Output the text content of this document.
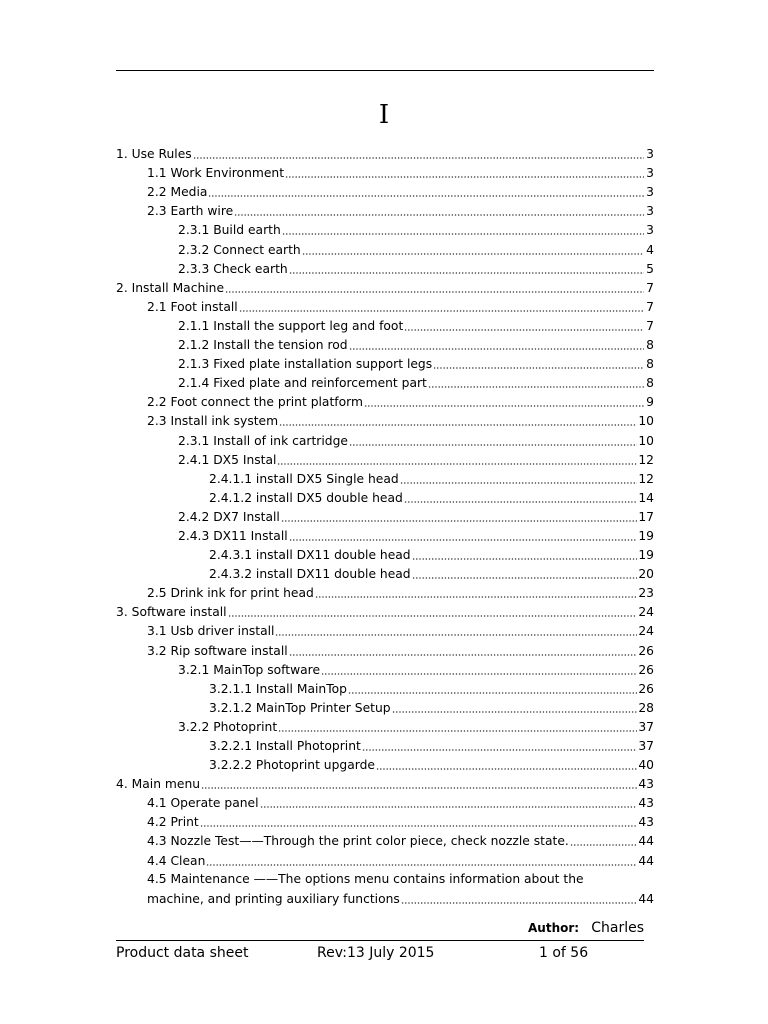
I
1. Use Rules	3
1.1 Work Environment	3
2.2 Media	3
2.3 Earth wire	3
2.3.1 Build earth	3
2.3.2 Connect earth	4
2.3.3 Check earth	5
2. Install Machine	7
2.1 Foot install	7
2.1.1 Install the support leg and foot	7
2.1.2 Install the tension rod	8
2.1.3 Fixed plate installation support legs	8
2.1.4 Fixed plate and reinforcement part	8
2.2 Foot connect the print platform	9
2.3 Install ink system	10
2.3.1 Install of ink cartridge	10
2.4.1 DX5 Instal	12
2.4.1.1 install DX5 Single head	12
2.4.1.2 install DX5 double head	14
2.4.2 DX7 Install	17
2.4.3 DX11 Install	19
2.4.3.1 install DX11 double head	19
2.4.3.2 install DX11 double head	20
2.5 Drink ink for print head	23
3. Software install	24
3.1 Usb driver install	24
3.2 Rip software install	26
3.2.1 MainTop software	26
3.2.1.1 Install MainTop	26
3.2.1.2 MainTop Printer Setup	28
3.2.2 Photoprint	37
3.2.2.1 Install Photoprint	37
3.2.2.2 Photoprint upgarde	40
4. Main menu	43
4.1 Operate panel	43
4.2 Print	43
4.3 Nozzle Test——Through the print color piece, check nozzle state.	44
4.4 Clean	44
4.5 Maintenance ——The options menu contains information about the
machine, and printing auxiliary functions	44
Author: Charles
Product data sheet	Rev:13 July 2015	1 of 56
